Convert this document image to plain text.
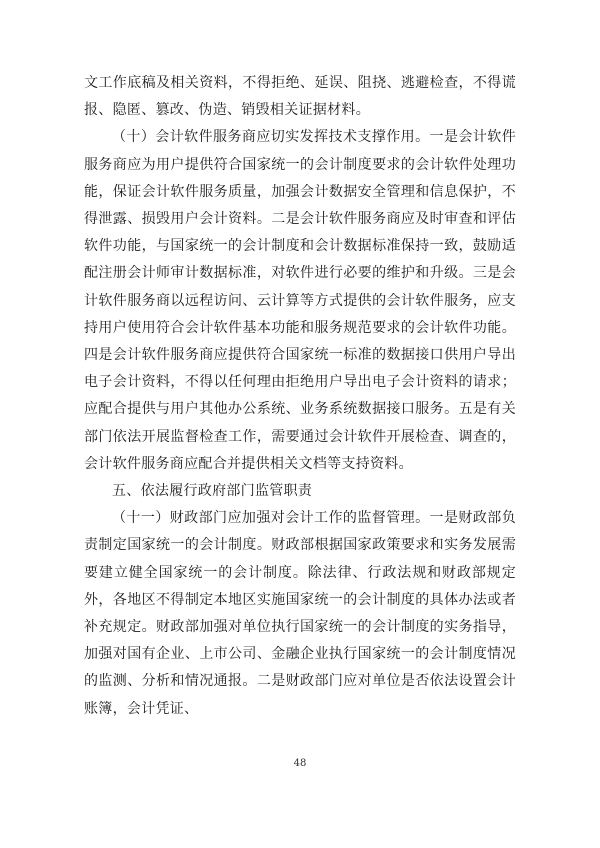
文工作底稿及相关资料，不得拒绝、延误、阻挠、逃避检查，不得谎报、隐匿、篡改、伪造、销毁相关证据材料。

（十）会计软件服务商应切实发挥技术支撑作用。一是会计软件服务商应为用户提供符合国家统一的会计制度要求的会计软件处理功能，保证会计软件服务质量，加强会计数据安全管理和信息保护，不得泄露、损毁用户会计资料。二是会计软件服务商应及时审查和评估软件功能，与国家统一的会计制度和会计数据标准保持一致，鼓励适配注册会计师审计数据标准，对软件进行必要的维护和升级。三是会计软件服务商以远程访问、云计算等方式提供的会计软件服务，应支持用户使用符合会计软件基本功能和服务规范要求的会计软件功能。四是会计软件服务商应提供符合国家统一标准的数据接口供用户导出电子会计资料，不得以任何理由拒绝用户导出电子会计资料的请求；应配合提供与用户其他办公系统、业务系统数据接口服务。五是有关部门依法开展监督检查工作，需要通过会计软件开展检查、调查的，会计软件服务商应配合并提供相关文档等支持资料。

五、依法履行政府部门监管职责

（十一）财政部门应加强对会计工作的监督管理。一是财政部负责制定国家统一的会计制度。财政部根据国家政策要求和实务发展需要建立健全国家统一的会计制度。除法律、行政法规和财政部规定外，各地区不得制定本地区实施国家统一的会计制度的具体办法或者补充规定。财政部加强对单位执行国家统一的会计制度的实务指导，加强对国有企业、上市公司、金融企业执行国家统一的会计制度情况的监测、分析和情况通报。二是财政部门应对单位是否依法设置会计账簿，会计凭证、

48
